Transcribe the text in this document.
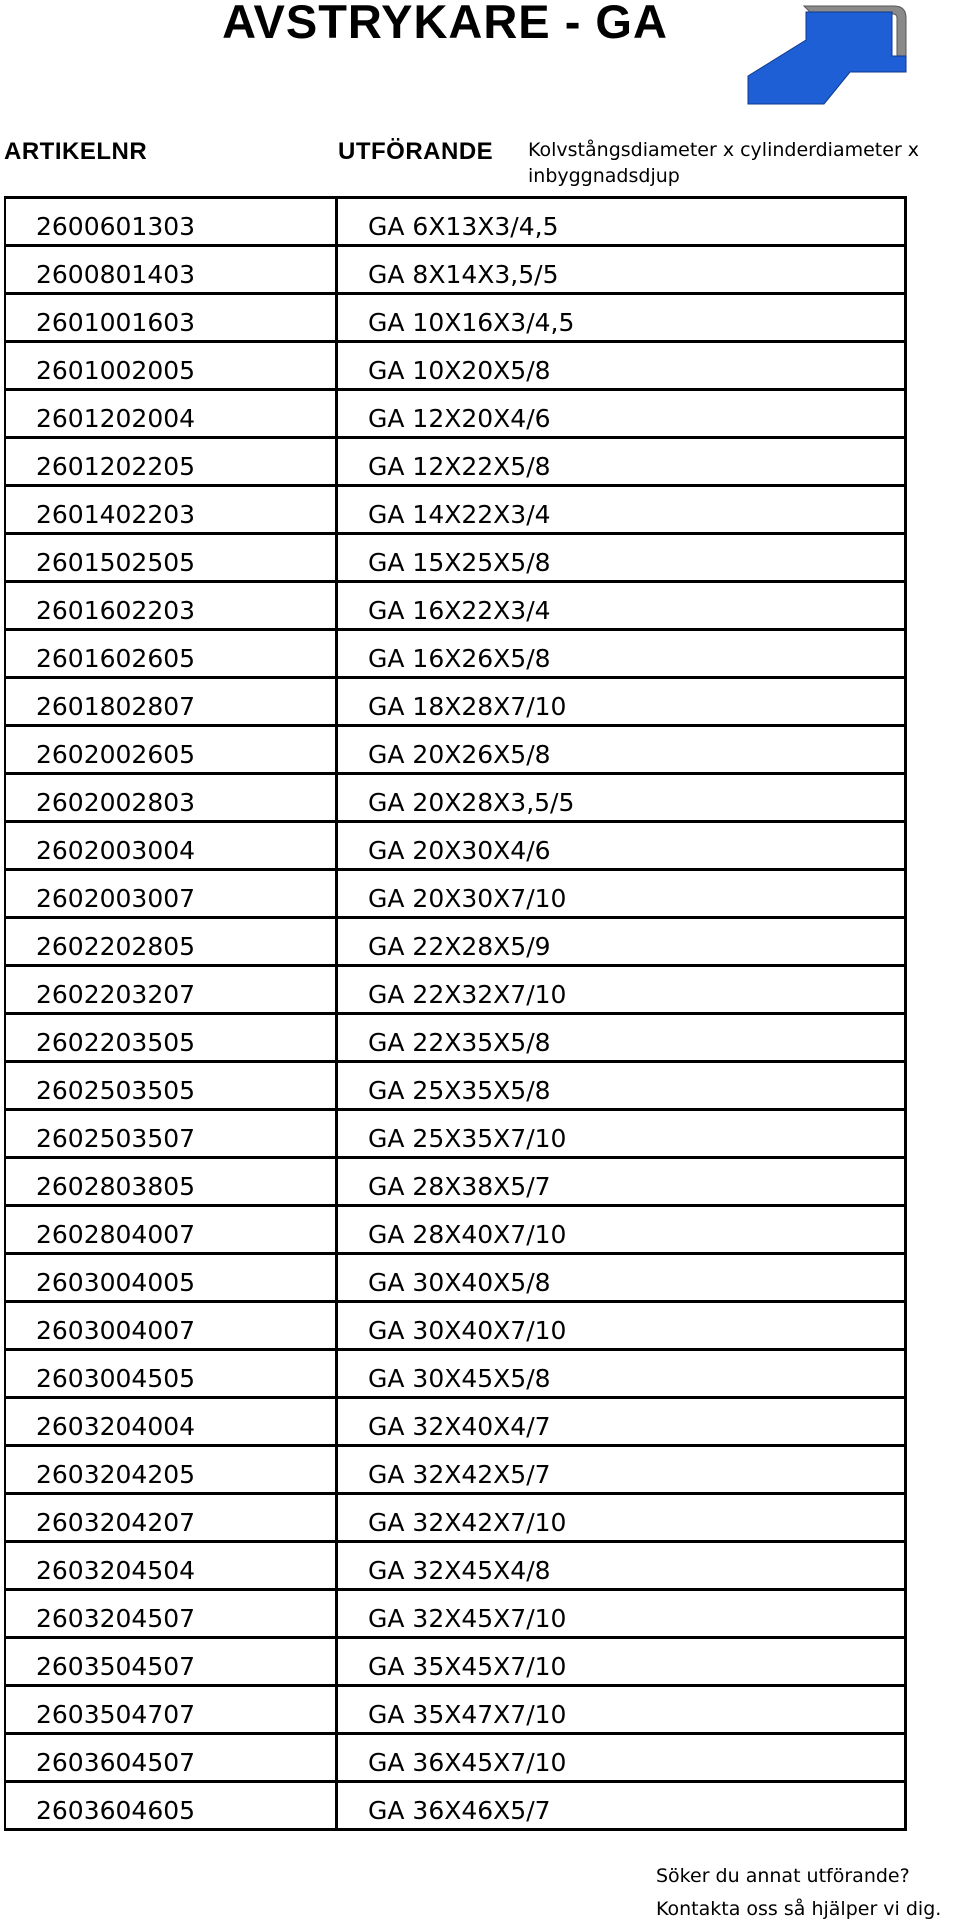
AVSTRYKARE - GA
ARTIKELNR	UTFÖRANDE Kolvstångsdiameter x cylinderdiameter x inbyggnadsdjup
2600601303	GA 6X13X3/4,5
2600801403	GA 8X14X3,5/5
2601001603	GA 10X16X3/4,5
2601002005	GA 10X20X5/8
2601202004	GA 12X20X4/6
2601202205	GA 12X22X5/8
2601402203	GA 14X22X3/4
2601502505	GA 15X25X5/8
2601602203	GA 16X22X3/4
2601602605	GA 16X26X5/8
2601802807	GA 18X28X7/10
2602002605	GA 20X26X5/8
2602002803	GA 20X28X3,5/5
2602003004	GA 20X30X4/6
2602003007	GA 20X30X7/10
2602202805	GA 22X28X5/9
2602203207	GA 22X32X7/10
2602203505	GA 22X35X5/8
2602503505	GA 25X35X5/8
2602503507	GA 25X35X7/10
2602803805	GA 28X38X5/7
2602804007	GA 28X40X7/10
2603004005	GA 30X40X5/8
2603004007	GA 30X40X7/10
2603004505	GA 30X45X5/8
2603204004	GA 32X40X4/7
2603204205	GA 32X42X5/7
2603204207	GA 32X42X7/10
2603204504	GA 32X45X4/8
2603204507	GA 32X45X7/10
2603504507	GA 35X45X7/10
2603504707	GA 35X47X7/10
2603604507	GA 36X45X7/10
2603604605	GA 36X46X5/7
Söker du annat utförande?
Kontakta oss så hjälper vi dig.
